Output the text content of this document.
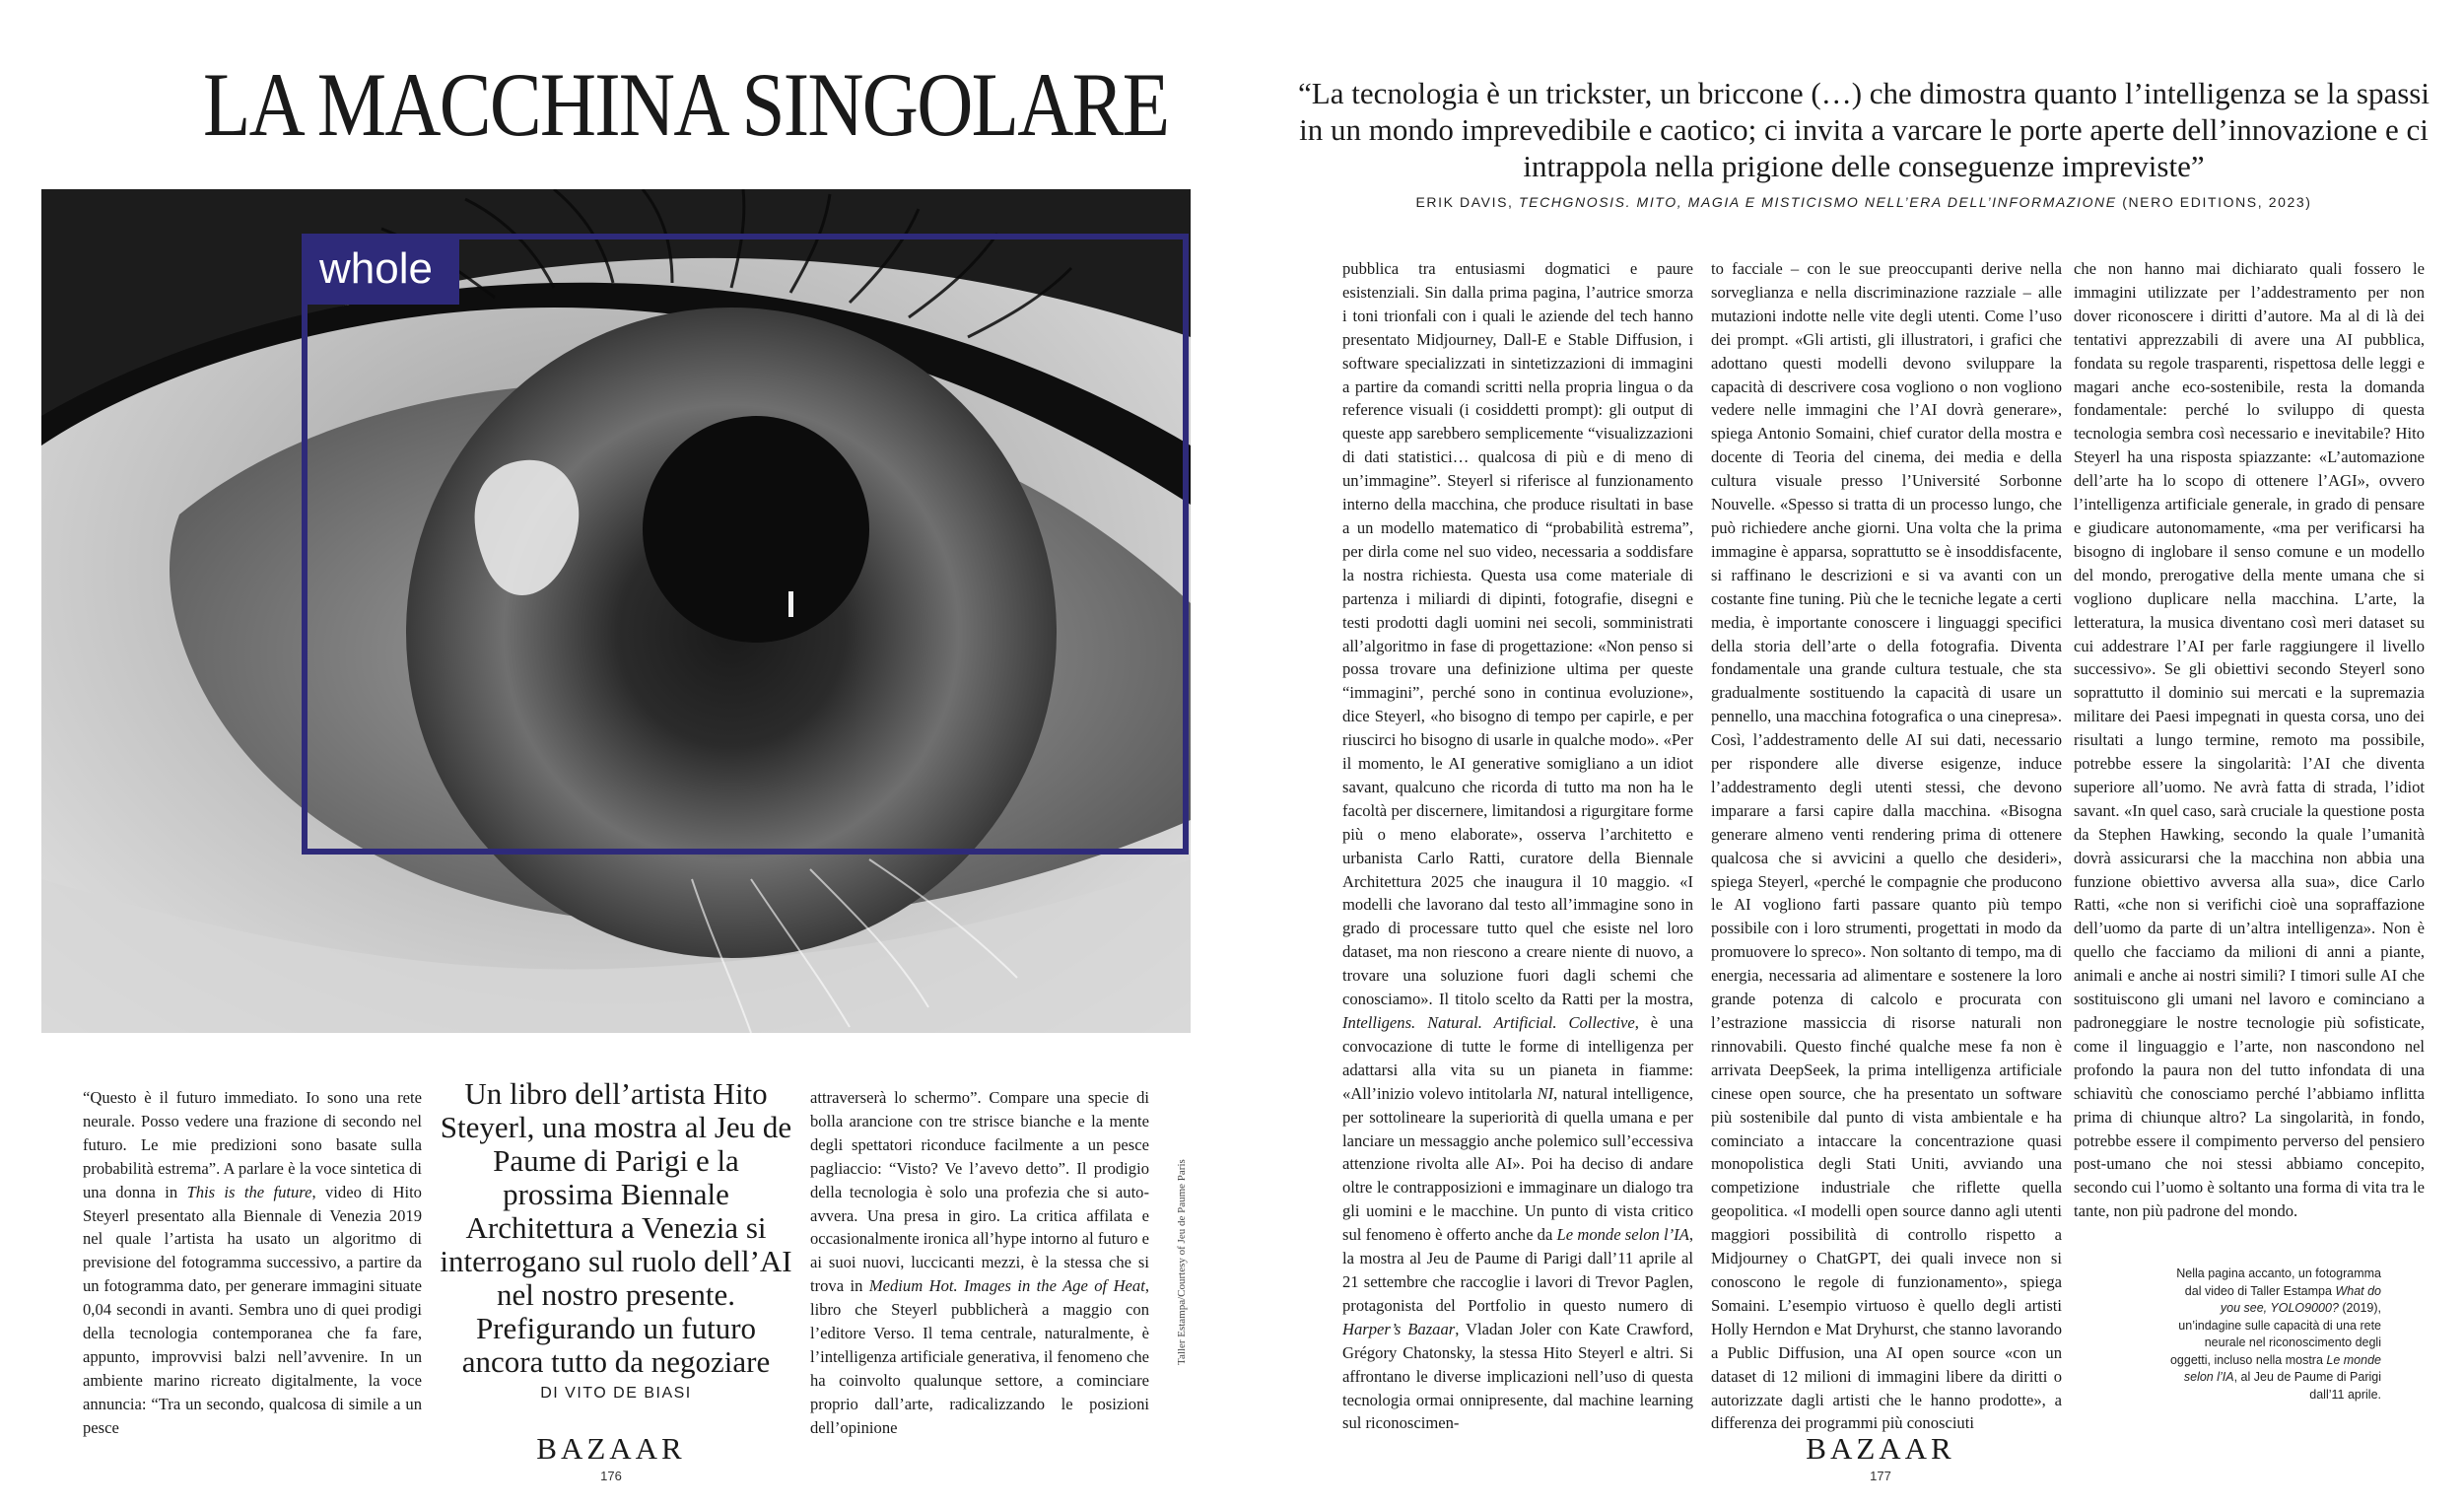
LA MACCHINA SINGOLARE
whole

“Questo è il futuro immediato. Io sono una rete neurale. Posso vedere una frazione di secondo nel futuro. Le mie predizioni sono basate sulla probabilità estrema”. A parlare è la voce sintetica di una donna in This is the future, video di Hito Steyerl presentato alla Biennale di Venezia 2019 nel quale l’artista ha usato un algoritmo di previsione del fotogramma successivo, a partire da un fotogramma dato, per generare immagini situate 0,04 secondi in avanti. Sembra uno di quei prodigi della tecnologia contemporanea che fa fare, appunto, improvvisi balzi nell’avvenire. In un ambiente marino ricreato digitalmente, la voce annuncia: “Tra un secondo, qualcosa di simile a un pesce

Un libro dell’artista Hito Steyerl, una mostra al Jeu de Paume di Parigi e la prossima Biennale Architettura a Venezia si interrogano sul ruolo dell’AI nel nostro presente. Prefigurando un futuro ancora tutto da negoziare
DI VITO DE BIASI

attraverserà lo schermo”. Compare una specie di bolla arancione con tre strisce bianche e la mente degli spettatori riconduce facilmente a un pesce pagliaccio: “Visto? Ve l’avevo detto”. Il prodigio della tecnologia è solo una profezia che si auto-avvera. Una presa in giro. La critica affilata e occasionalmente ironica all’hype intorno al futuro e ai suoi nuovi, luccicanti mezzi, è la stessa che si trova in Medium Hot. Images in the Age of Heat, libro che Steyerl pubblicherà a maggio con l’editore Verso. Il tema centrale, naturalmente, è l’intelligenza artificiale generativa, il fenomeno che ha coinvolto qualunque settore, a cominciare proprio dall’arte, radicalizzando le posizioni dell’opinione

Taller Estampa/Courtesy of Jeu de Paume Paris
BAZAAR
176
“La tecnologia è un trickster, un briccone (…) che dimostra quanto l’intelligenza se la spassi in un mondo imprevedibile e caotico; ci invita a varcare le porte aperte dell’innovazione e ci intrappola nella prigione delle conseguenze impreviste”
ERIK DAVIS, TECHGNOSIS. MITO, MAGIA E MISTICISMO NELL’ERA DELL’INFORMAZIONE (NERO EDITIONS, 2023)

pubblica tra entusiasmi dogmatici e paure esistenziali. Sin dalla prima pagina, l’autrice smorza i toni trionfali con i quali le aziende del tech hanno presentato Midjourney, Dall-E e Stable Diffusion, i software specializzati in sintetizzazioni di immagini a partire da comandi scritti nella propria lingua o da reference visuali (i cosiddetti prompt): gli output di queste app sarebbero semplicemente “visualizzazioni di dati statistici… qualcosa di più e di meno di un’immagine”. Steyerl si riferisce al funzionamento interno della macchina, che produce risultati in base a un modello matematico di “probabilità estrema”, per dirla come nel suo video, necessaria a soddisfare la nostra richiesta. Questa usa come materiale di partenza i miliardi di dipinti, fotografie, disegni e testi prodotti dagli uomini nei secoli, somministrati all’algoritmo in fase di progettazione: «Non penso si possa trovare una definizione ultima per queste “immagini”, perché sono in continua evoluzione», dice Steyerl, «ho bisogno di tempo per capirle, e per riuscirci ho bisogno di usarle in qualche modo». «Per il momento, le AI generative somigliano a un idiot savant, qualcuno che ricorda di tutto ma non ha le facoltà per discernere, limitandosi a rigurgitare forme più o meno elaborate», osserva l’architetto e urbanista Carlo Ratti, curatore della Biennale Architettura 2025 che inaugura il 10 maggio. «I modelli che lavorano dal testo all’immagine sono in grado di processare tutto quel che esiste nel loro dataset, ma non riescono a creare niente di nuovo, a trovare una soluzione fuori dagli schemi che conosciamo». Il titolo scelto da Ratti per la mostra, Intelligens. Natural. Artificial. Collective, è una convocazione di tutte le forme di intelligenza per adattarsi alla vita su un pianeta in fiamme: «All’inizio volevo intitolarla NI, natural intelligence, per sottolineare la superiorità di quella umana e per lanciare un messaggio anche polemico sull’eccessiva attenzione rivolta alle AI». Poi ha deciso di andare oltre le contrapposizioni e immaginare un dialogo tra gli uomini e le macchine. Un punto di vista critico sul fenomeno è offerto anche da Le monde selon l’IA, la mostra al Jeu de Paume di Parigi dall’11 aprile al 21 settembre che raccoglie i lavori di Trevor Paglen, protagonista del Portfolio in questo numero di Harper’s Bazaar, Vladan Joler con Kate Crawford, Grégory Chatonsky, la stessa Hito Steyerl e altri. Si affrontano le diverse implicazioni nell’uso di questa tecnologia ormai onnipresente, dal machine learning sul riconoscimen-

to facciale – con le sue preoccupanti derive nella sorveglianza e nella discriminazione razziale – alle mutazioni indotte nelle vite degli utenti. Come l’uso dei prompt. «Gli artisti, gli illustratori, i grafici che adottano questi modelli devono sviluppare la capacità di descrivere cosa vogliono o non vogliono vedere nelle immagini che l’AI dovrà generare», spiega Antonio Somaini, chief curator della mostra e docente di Teoria del cinema, dei media e della cultura visuale presso l’Université Sorbonne Nouvelle. «Spesso si tratta di un processo lungo, che può richiedere anche giorni. Una volta che la prima immagine è apparsa, soprattutto se è insoddisfacente, si raffinano le descrizioni e si va avanti con un costante fine tuning. Più che le tecniche legate a certi media, è importante conoscere i linguaggi specifici della storia dell’arte o della fotografia. Diventa fondamentale una grande cultura testuale, che sta gradualmente sostituendo la capacità di usare un pennello, una macchina fotografica o una cinepresa». Così, l’addestramento delle AI sui dati, necessario per rispondere alle diverse esigenze, induce l’addestramento degli utenti stessi, che devono imparare a farsi capire dalla macchina. «Bisogna generare almeno venti rendering prima di ottenere qualcosa che si avvicini a quello che desideri», spiega Steyerl, «perché le compagnie che producono le AI vogliono farti passare quanto più tempo possibile con i loro strumenti, progettati in modo da promuovere lo spreco». Non soltanto di tempo, ma di energia, necessaria ad alimentare e sostenere la loro grande potenza di calcolo e procurata con l’estrazione massiccia di risorse naturali non rinnovabili. Questo finché qualche mese fa non è arrivata DeepSeek, la prima intelligenza artificiale cinese open source, che ha presentato un software più sostenibile dal punto di vista ambientale e ha cominciato a intaccare la concentrazione quasi monopolistica degli Stati Uniti, avviando una competizione industriale che riflette quella geopolitica. «I modelli open source danno agli utenti maggiori possibilità di controllo rispetto a Midjourney o ChatGPT, dei quali invece non si conoscono le regole di funzionamento», spiega Somaini. L’esempio virtuoso è quello degli artisti Holly Herndon e Mat Dryhurst, che stanno lavorando a Public Diffusion, una AI open source «con un dataset di 12 milioni di immagini libere da diritti o autorizzate dagli artisti che le hanno prodotte», a differenza dei programmi più conosciuti

che non hanno mai dichiarato quali fossero le immagini utilizzate per l’addestramento per non dover riconoscere i diritti d’autore. Ma al di là dei tentativi apprezzabili di avere una AI pubblica, fondata su regole trasparenti, rispettosa delle leggi e magari anche eco-sostenibile, resta la domanda fondamentale: perché lo sviluppo di questa tecnologia sembra così necessario e inevitabile? Hito Steyerl ha una risposta spiazzante: «L’automazione dell’arte ha lo scopo di ottenere l’AGI», ovvero l’intelligenza artificiale generale, in grado di pensare e giudicare autonomamente, «ma per verificarsi ha bisogno di inglobare il senso comune e un modello del mondo, prerogative della mente umana che si vogliono duplicare nella macchina. L’arte, la letteratura, la musica diventano così meri dataset su cui addestrare l’AI per farle raggiungere il livello successivo». Se gli obiettivi secondo Steyerl sono soprattutto il dominio sui mercati e la supremazia militare dei Paesi impegnati in questa corsa, uno dei risultati a lungo termine, remoto ma possibile, potrebbe essere la singolarità: l’AI che diventa superiore all’uomo. Ne avrà fatta di strada, l’idiot savant. «In quel caso, sarà cruciale la questione posta da Stephen Hawking, secondo la quale l’umanità dovrà assicurarsi che la macchina non abbia una funzione obiettivo avversa alla sua», dice Carlo Ratti, «che non si verifichi cioè una sopraffazione dell’uomo da parte di un’altra intelligenza». Non è quello che facciamo da milioni di anni a piante, animali e anche ai nostri simili? I timori sulle AI che sostituiscono gli umani nel lavoro e cominciano a padroneggiare le nostre tecnologie più sofisticate, come il linguaggio e l’arte, non nascondono nel profondo la paura non del tutto infondata di una schiavitù che conosciamo perché l’abbiamo inflitta prima di chiunque altro? La singolarità, in fondo, potrebbe essere il compimento perverso del pensiero post-umano che noi stessi abbiamo concepito, secondo cui l’uomo è soltanto una forma di vita tra le tante, non più padrone del mondo.

Nella pagina accanto, un fotogramma dal video di Taller Estampa What do you see, YOLO9000? (2019), un’indagine sulle capacità di una rete neurale nel riconoscimento degli oggetti, incluso nella mostra Le monde selon l’IA, al Jeu de Paume di Parigi dall’11 aprile.
BAZAAR
177
